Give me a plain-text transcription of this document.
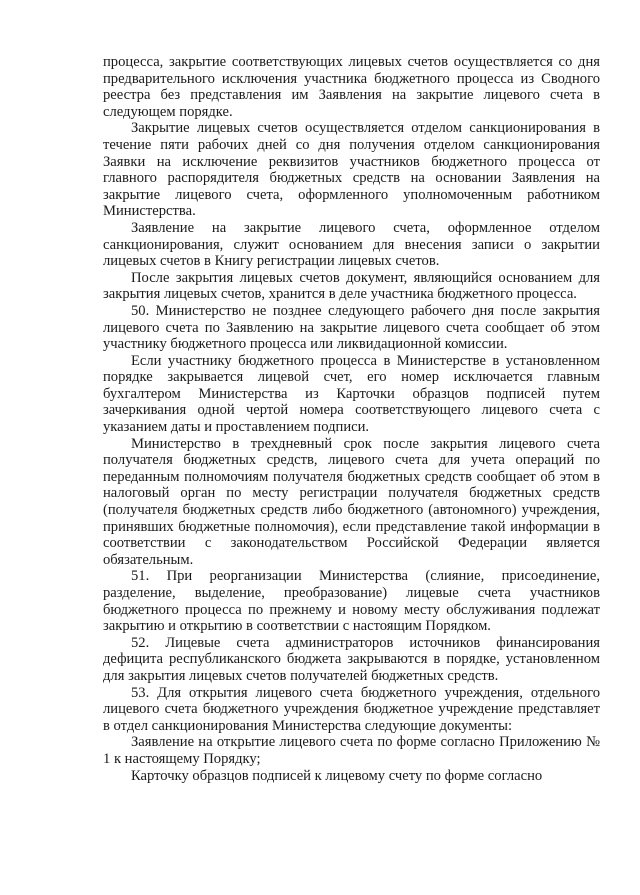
процесса, закрытие соответствующих лицевых счетов осуществляется со дня предварительного исключения участника бюджетного процесса из Сводного реестра без представления им Заявления на закрытие лицевого счета в следующем порядке.

Закрытие лицевых счетов осуществляется отделом санкционирования в течение пяти рабочих дней со дня получения отделом санкционирования Заявки на исключение реквизитов участников бюджетного процесса от главного распорядителя бюджетных средств на основании Заявления на закрытие лицевого счета, оформленного уполномоченным работником Министерства.

Заявление на закрытие лицевого счета, оформленное отделом санкционирования, служит основанием для внесения записи о закрытии лицевых счетов в Книгу регистрации лицевых счетов.

После закрытия лицевых счетов документ, являющийся основанием для закрытия лицевых счетов, хранится в деле участника бюджетного процесса.

50. Министерство не позднее следующего рабочего дня после закрытия лицевого счета по Заявлению на закрытие лицевого счета сообщает об этом участнику бюджетного процесса или ликвидационной комиссии.

Если участнику бюджетного процесса в Министерстве в установленном порядке закрывается лицевой счет, его номер исключается главным бухгалтером Министерства из Карточки образцов подписей путем зачеркивания одной чертой номера соответствующего лицевого счета с указанием даты и проставлением подписи.

Министерство в трехдневный срок после закрытия лицевого счета получателя бюджетных средств, лицевого счета для учета операций по переданным полномочиям получателя бюджетных средств сообщает об этом в налоговый орган по месту регистрации получателя бюджетных средств (получателя бюджетных средств либо бюджетного (автономного) учреждения, принявших бюджетные полномочия), если представление такой информации в соответствии с законодательством Российской Федерации является обязательным.

51. При реорганизации Министерства (слияние, присоединение, разделение, выделение, преобразование) лицевые счета участников бюджетного процесса по прежнему и новому месту обслуживания подлежат закрытию и открытию в соответствии с настоящим Порядком.

52. Лицевые счета администраторов источников финансирования дефицита республиканского бюджета закрываются в порядке, установленном для закрытия лицевых счетов получателей бюджетных средств.

53. Для открытия лицевого счета бюджетного учреждения, отдельного лицевого счета бюджетного учреждения бюджетное учреждение представляет в отдел санкционирования Министерства следующие документы:

Заявление на открытие лицевого счета по форме согласно Приложению № 1 к настоящему Порядку;

Карточку образцов подписей к лицевому счету по форме согласно
